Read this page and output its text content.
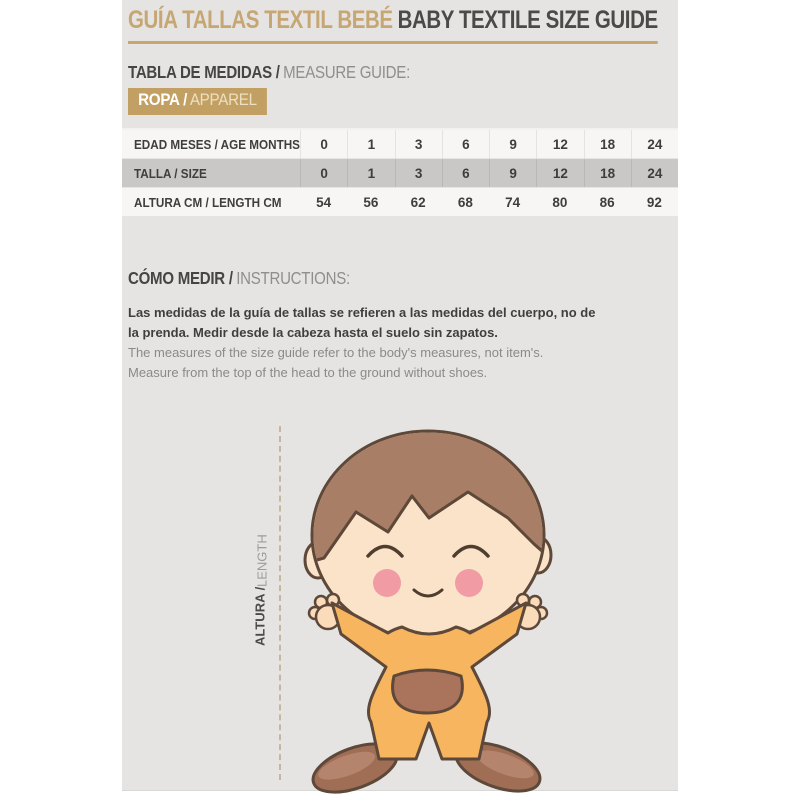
GUÍA TALLAS TEXTIL BEBÉ BABY TEXTILE SIZE GUIDE
TABLA DE MEDIDAS / MEASURE GUIDE:
ROPA / APPAREL
EDAD MESES / AGE MONTHS	0	1	3	6	9	12	18	24
TALLA / SIZE	0	1	3	6	9	12	18	24
ALTURA CM / LENGTH CM	54	56	62	68	74	80	86	92
CÓMO MEDIR / INSTRUCTIONS:

Las medidas de la guía de tallas se refieren a las medidas del cuerpo, no de la prenda. Medir desde la cabeza hasta el suelo sin zapatos.
The measures of the size guide refer to the body's measures, not item's.
Measure from the top of the head to the ground without shoes.

ALTURA /
LENGTH
